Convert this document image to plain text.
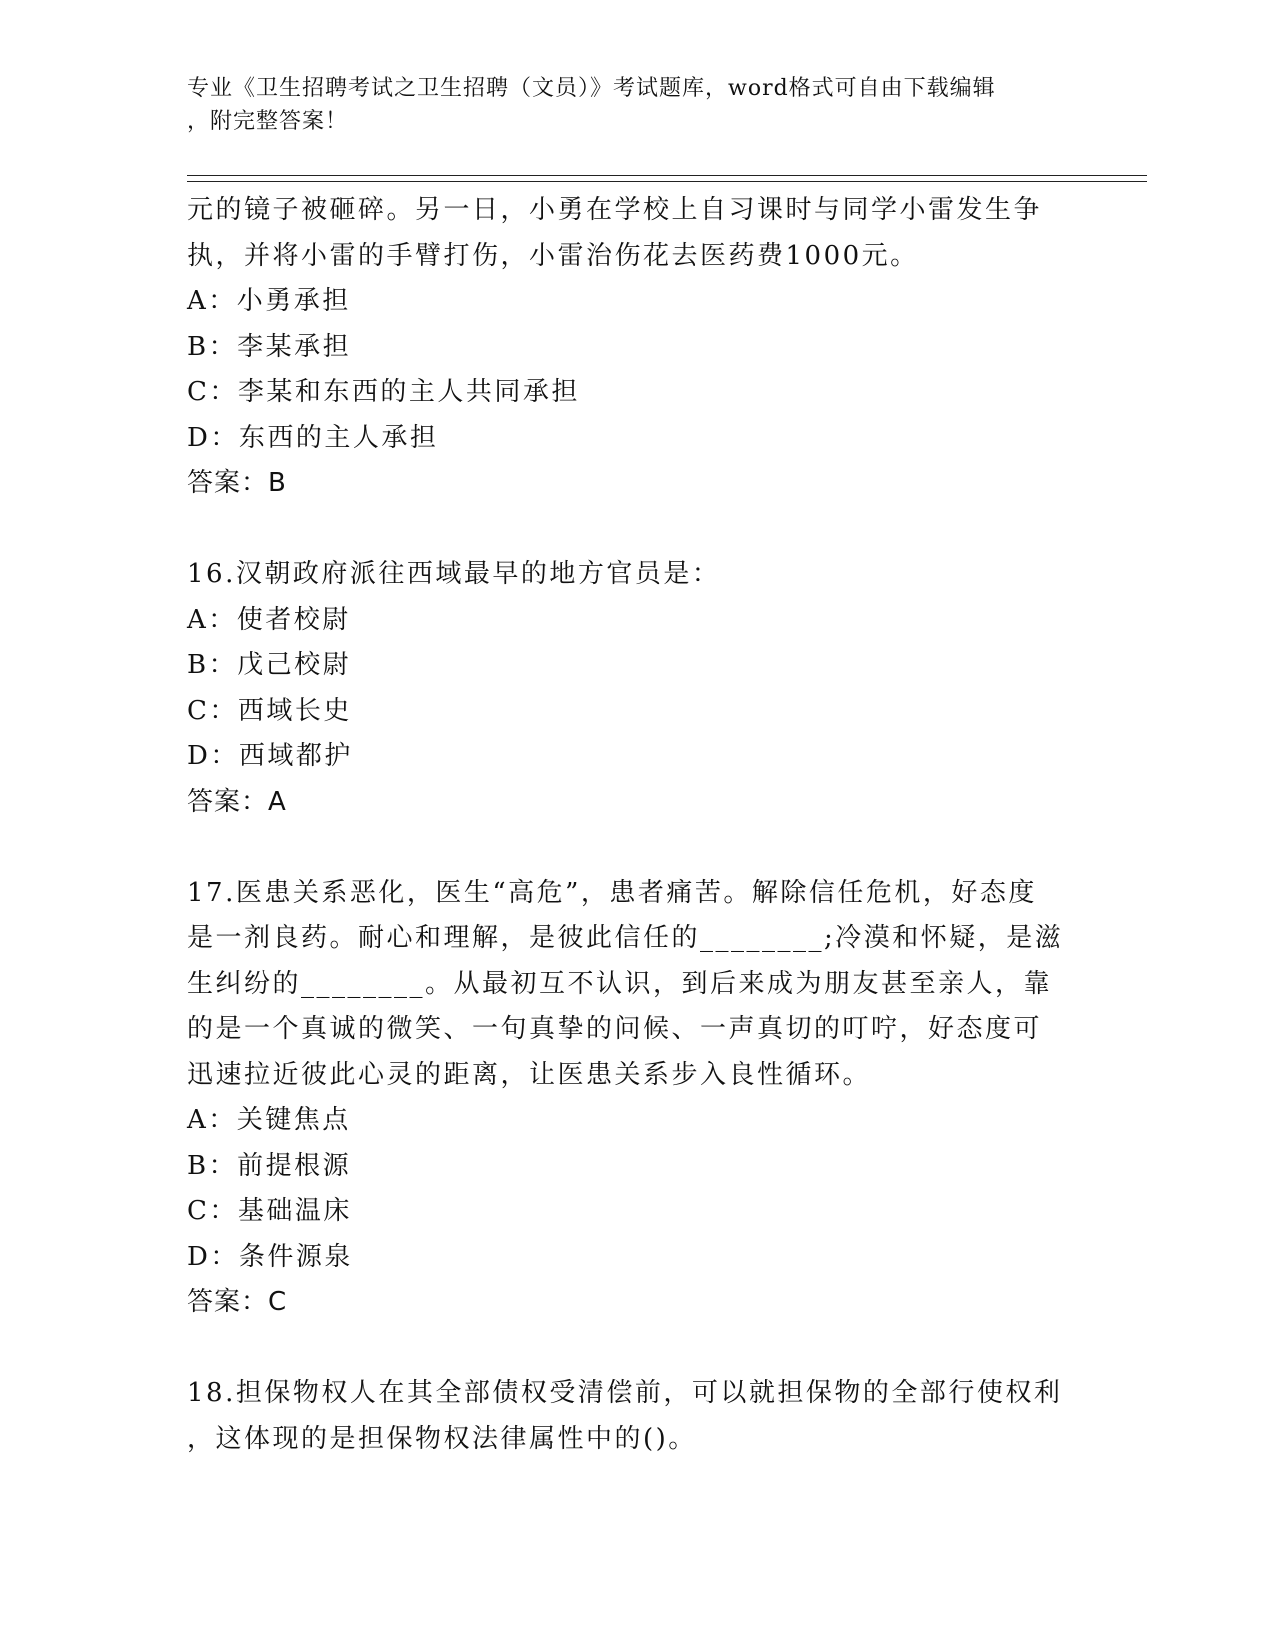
专业《卫生招聘考试之卫生招聘（文员）》考试题库，word格式可自由下载编辑
，附完整答案！
元的镜子被砸碎。另一日，小勇在学校上自习课时与同学小雷发生争
执，并将小雷的手臂打伤，小雷治伤花去医药费1000元。
A：小勇承担
B：李某承担
C：李某和东西的主人共同承担
D：东西的主人承担
答案：B
16.汉朝政府派往西域最早的地方官员是：
A：使者校尉
B：戊己校尉
C：西域长史
D：西域都护
答案：A
17.医患关系恶化，医生“高危”，患者痛苦。解除信任危机，好态度
是一剂良药。耐心和理解，是彼此信任的________;冷漠和怀疑，是滋
生纠纷的________。从最初互不认识，到后来成为朋友甚至亲人，靠
的是一个真诚的微笑、一句真挚的问候、一声真切的叮咛，好态度可
迅速拉近彼此心灵的距离，让医患关系步入良性循环。
A：关键焦点
B：前提根源
C：基础温床
D：条件源泉
答案：C
18.担保物权人在其全部债权受清偿前，可以就担保物的全部行使权利
，这体现的是担保物权法律属性中的()。
